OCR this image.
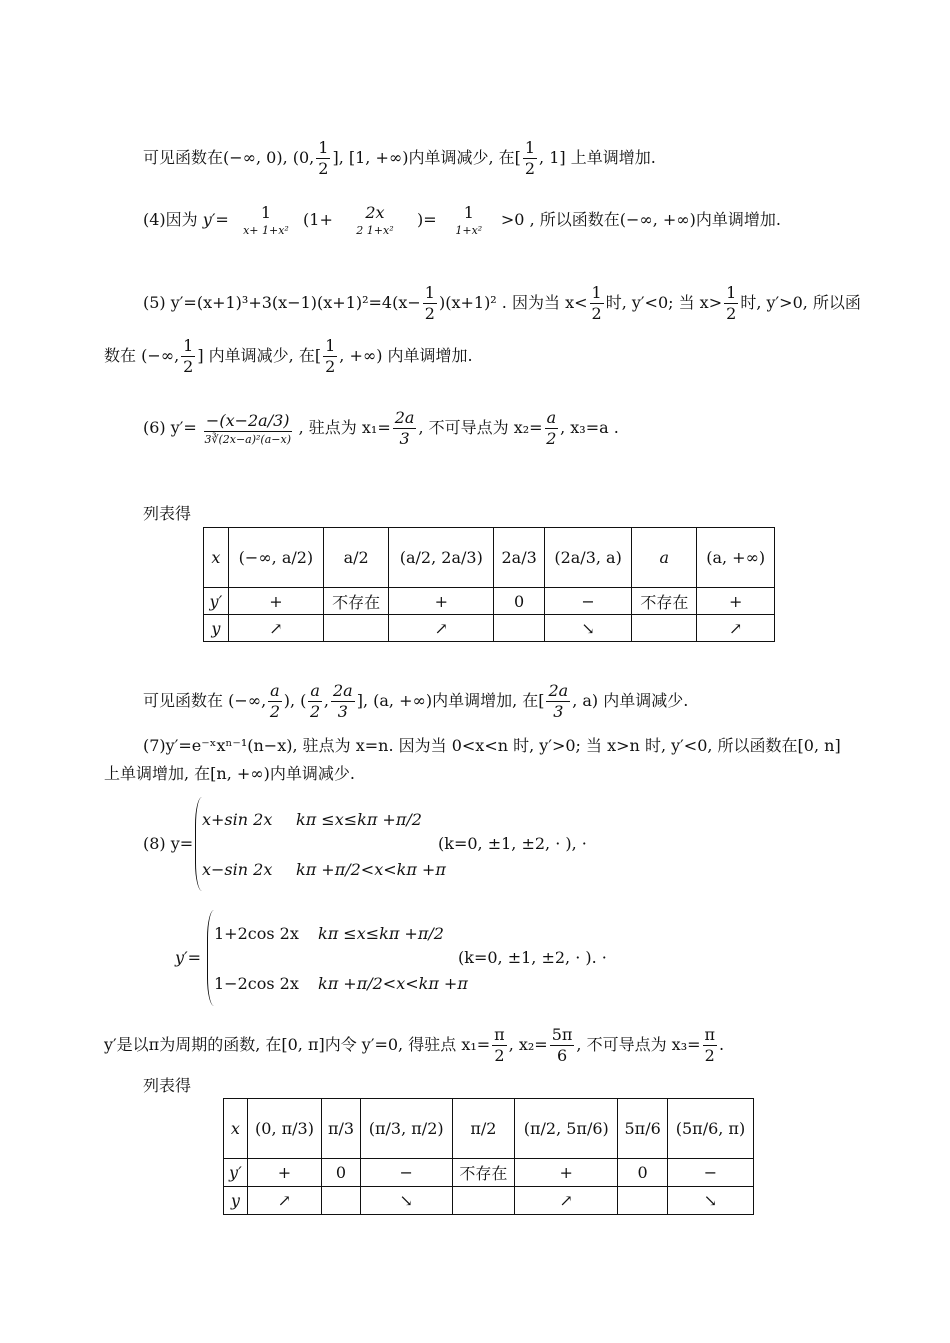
可见函数在(−∞, 0), (0, $\frac{1}{2}$ ], [1, +∞)内单调减少, 在[ $\frac{1}{2}$ , 1] 上单调增加.
(4)因为 y′=	1
x+ 1+x²
(1+	2x
2 1+x²
)=	1
1+x²
>0 , 所以函数在(−∞, +∞)内单调增加.
(5) $y'=(x+1)^3+3(x-1)(x+1)^2=4(x- \frac{1}{2} )(x+1)^2$ . 因为当 $x< \frac{1}{2}$ 时, y′<0; 当 $x> \frac{1}{2}$ 时, y′>0, 所以函
数在 (−∞, $\frac{1}{2}$ ] 内单调减少, 在[ $\frac{1}{2}$ , +∞) 内单调增加.
(6) y′= −(x−2a/3)
3∛(2x−a)²(a−x)
, 驻点为 $x_1= \frac{2a}{3}$ , 不可导点为 $x_2= \frac{a}{2}$ , x₃=a .
列表得
x	(−∞, a/2)	a/2	(a/2, 2a/3)	2a/3	(2a/3, a)	a	(a, +∞)
y′	+	不存在	+	0	−	不存在	+
y	↗		↗		↘		↗
可见函数在 (−∞, $\frac{a}{2}$ ), ( $\frac{a}{2}$ , $\frac{2a}{3}$ ], (a, +∞)内单调增加, 在[ $\frac{2a}{3}$ , a) 内单调减少.
(7)y′=e⁻ˣxⁿ⁻¹(n−x), 驻点为 x=n. 因为当 0<x<n 时, y′>0; 当 x>n 时, y′<0, 所以函数在[0, n]
上单调增加, 在[n, +∞)内单调减少.
(8) y=
x+sin 2x kπ ≤x≤kπ +π/2
x−sin 2x kπ +π/2<x<kπ +π
(k=0, ±1, ±2, · ), ·
y′=
1+2cos 2x kπ ≤x≤kπ +π/2
1−2cos 2x kπ +π/2<x<kπ +π
(k=0, ±1, ±2, · ). ·
y′是以π为周期的函数, 在[0, π]内令 y′=0, 得驻点 $x_1= \frac{\pi}{2}$ , $x_2= \frac{5\pi}{6}$ , 不可导点为 $x_3= \frac{\pi}{2}$ .
列表得
x	(0, π/3)	π/3	(π/3, π/2)	π/2	(π/2, 5π/6)	5π/6	(5π/6, π)
y′	+	0	−	不存在	+	0	−
y	↗		↘		↗		↘
